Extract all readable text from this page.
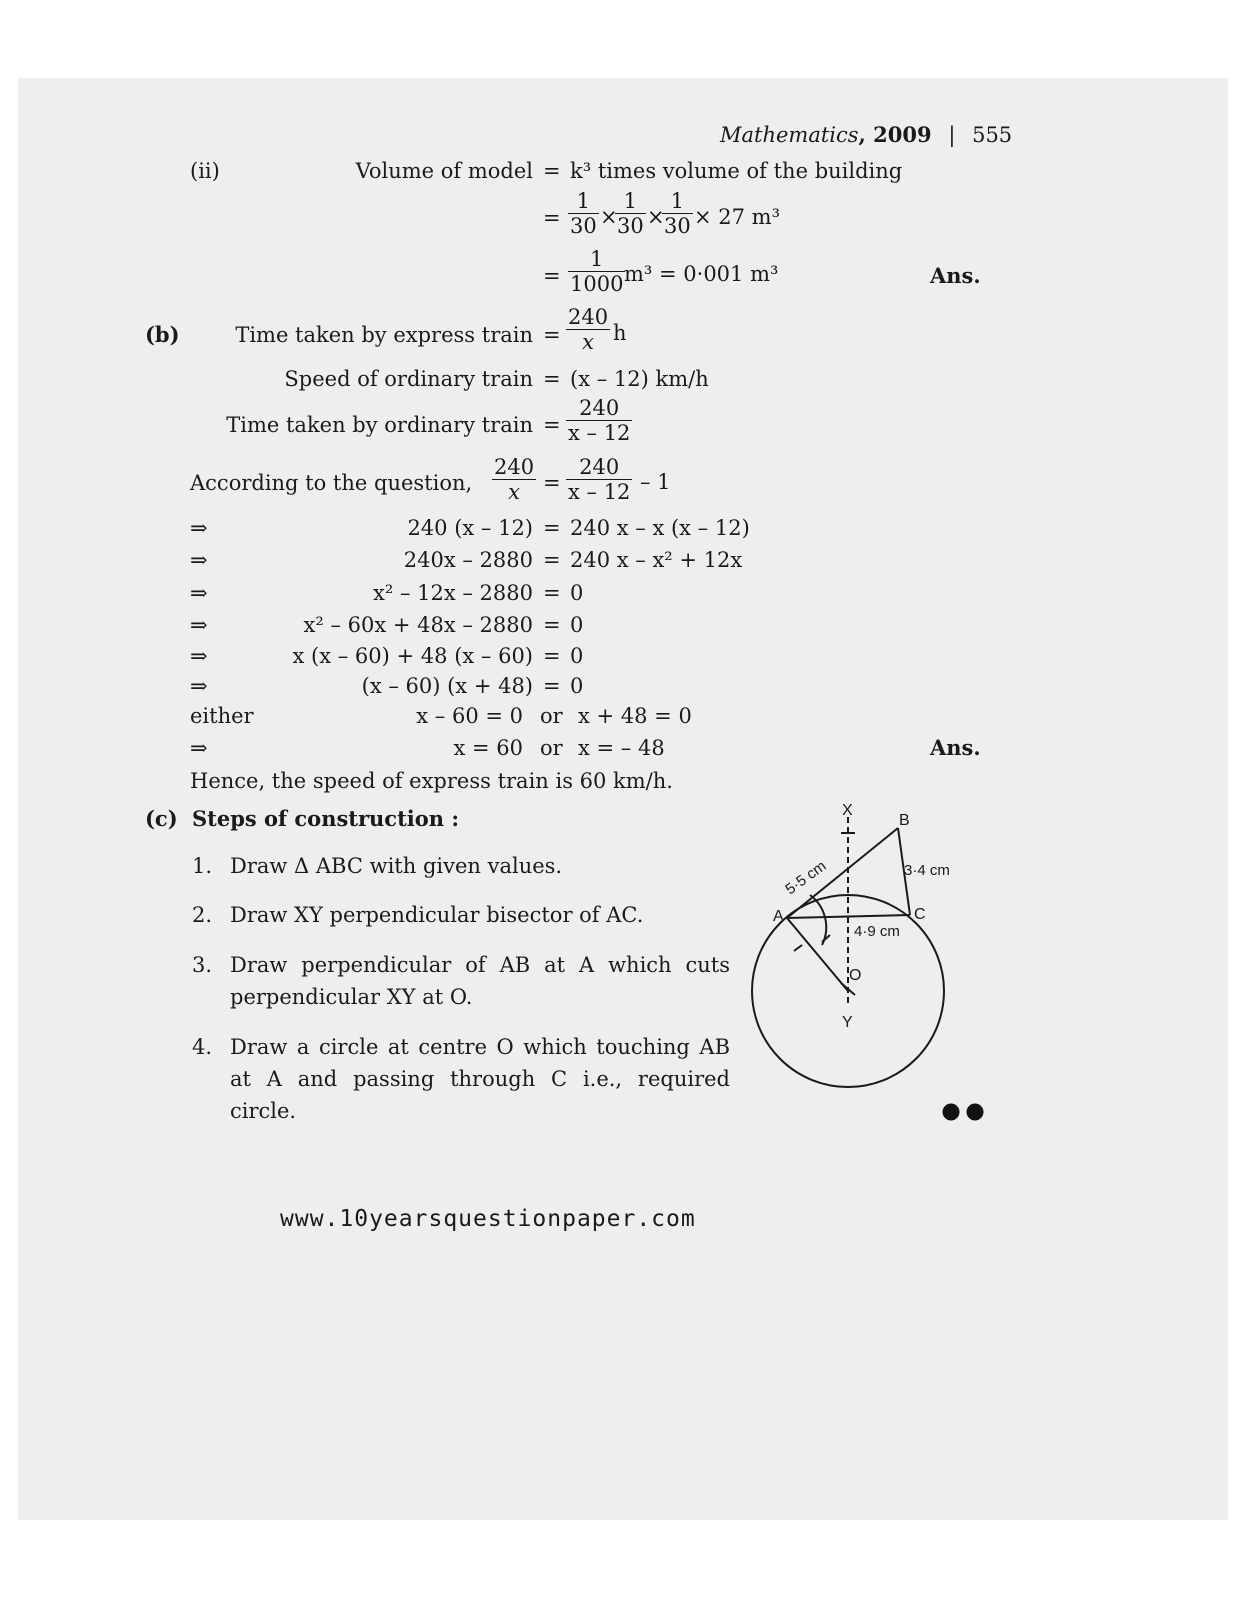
Mathematics, 2009 | 555
(ii)	Volume of model = k³ times volume of the building
= $\frac{1}{30}$ ×
$\frac{1}{30}$ ×
$\frac{1}{30} \times 27$ m³
= $\frac{1}{1000}$
m³ = 0·001 m³	Ans.
(b)	Time taken by express train = $\frac{240}{x}$ h
Speed of ordinary train = (x – 12) km/h
Time taken by ordinary train = $\frac{240}{x - 12}$
According to the question, $\frac{240}{x} = \frac{240}{x - 12} - 1$
⇒	240 (x – 12) = 240 x – x (x – 12)
⇒	240x – 2880 = 240 x – x² + 12x
⇒	x² – 12x – 2880 = 0
⇒	x² – 60x + 48x – 2880 = 0
⇒	x (x – 60) + 48 (x – 60) = 0
⇒	(x – 60) (x + 48) = 0
either	x – 60 = 0 or x + 48 = 0
⇒	x = 60 or x = – 48	Ans.
Hence, the speed of express train is 60 km/h.
(c) Steps of construction :
1. Draw Δ ABC with given values.
2. Draw XY perpendicular bisector of AC.
3. Draw perpendicular of AB at A which cuts perpendicular XY at O.
4. Draw a circle at centre O which touching AB at A and passing through C i.e., required circle.
X
B
A	C
O
Y
3·4 cm
4·9 cm
5·5 cm
www.10yearsquestionpaper.com
